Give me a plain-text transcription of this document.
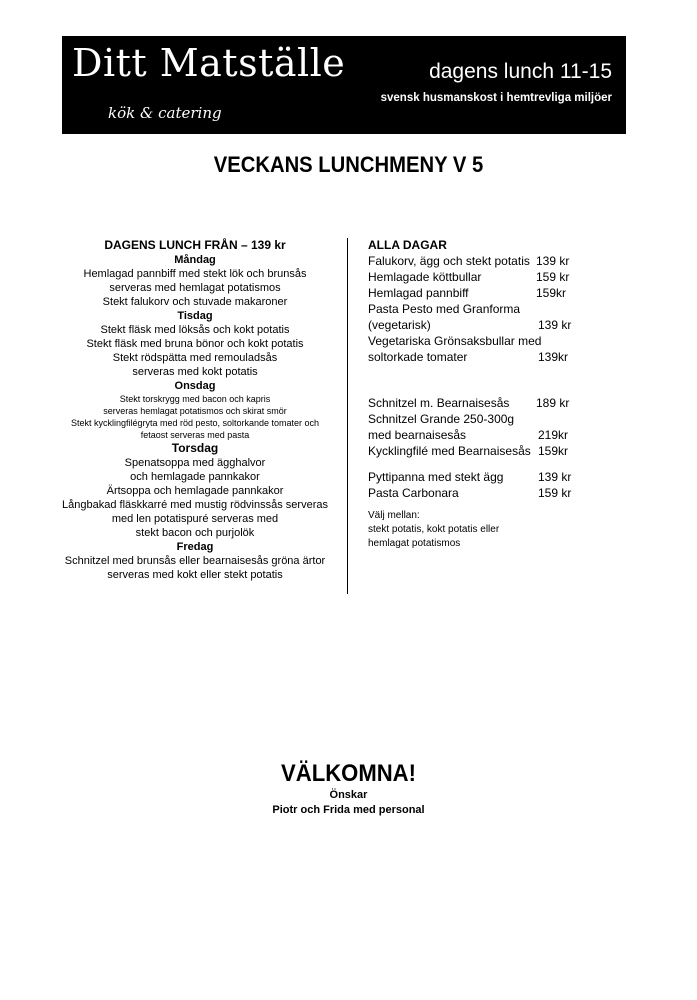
Ditt Matställe
kök & catering
dagens lunch 11-15
svensk husmanskost i hemtrevliga miljöer
VECKANS LUNCHMENY V 5
DAGENS LUNCH FRÅN – 139 kr
Måndag
Hemlagad pannbiff med stekt lök och brunsås
serveras med hemlagat potatismos
Stekt falukorv och stuvade makaroner
Tisdag
Stekt fläsk med löksås och kokt potatis
Stekt fläsk med bruna bönor och kokt potatis
Stekt rödspätta med remouladsås
serveras med kokt potatis
Onsdag
Stekt torskrygg med bacon och kapris
serveras hemlagat potatismos och skirat smör
Stekt kycklingfilégryta med röd pesto, soltorkande tomater och
fetaost serveras med pasta
Torsdag
Spenatsoppa med ägghalvor
och hemlagade pannkakor
Ärtsoppa och hemlagade pannkakor
Långbakad fläskkarré med mustig rödvinssås serveras
med len potatispuré serveras med
stekt bacon och purjolök
Fredag
Schnitzel med brunsås eller bearnaisesås gröna ärtor
serveras med kokt eller stekt potatis
ALLA DAGAR
Falukorv, ägg och stekt potatis 139 kr
Hemlagade köttbullar	159 kr
Hemlagad pannbiff	159kr
Pasta Pesto med Granforma
(vegetarisk)	139 kr
Vegetariska Grönsaksbullar med
soltorkade tomater	139kr
Schnitzel m. Bearnaisesås 189 kr
Schnitzel Grande 250-300g
med bearnaisesås	219kr
Kycklingfilé med Bearnaisesås 159kr
Pyttipanna med stekt ägg	139 kr
Pasta Carbonara	159 kr
Välj mellan:
stekt potatis, kokt potatis eller
hemlagat potatismos
VÄLKOMNA!
Önskar
Piotr och Frida med personal
